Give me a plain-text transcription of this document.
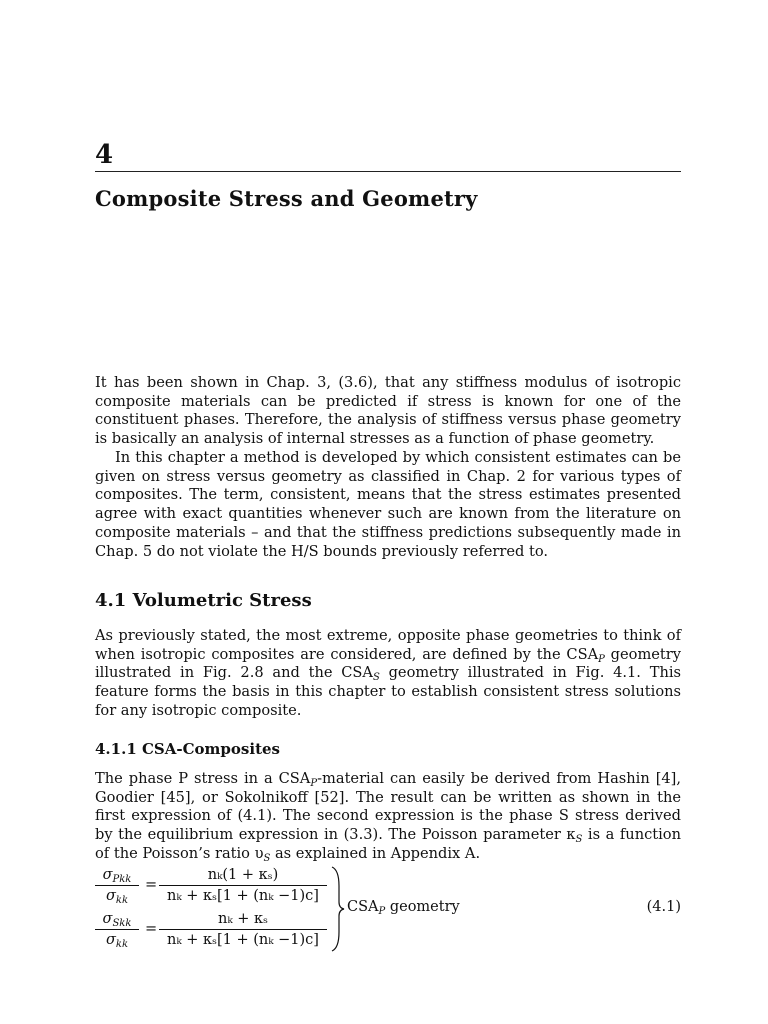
4
Composite Stress and Geometry

It has been shown in Chap. 3, (3.6), that any stiffness modulus of isotropic composite materials can be predicted if stress is known for one of the constituent phases. Therefore, the analysis of stiffness versus phase geometry is basically an analysis of internal stresses as a function of phase geometry.

In this chapter a method is developed by which consistent estimates can be given on stress versus geometry as classified in Chap. 2 for various types of composites. The term, consistent, means that the stress estimates presented agree with exact quantities whenever such are known from the literature on composite materials – and that the stiffness predictions subsequently made in Chap. 5 do not violate the H/S bounds previously referred to.

4.1 Volumetric Stress

As previously stated, the most extreme, opposite phase geometries to think of when isotropic composites are considered, are defined by the $CSA_P$ geometry illustrated in Fig. 2.8 and the $CSA_S$ geometry illustrated in Fig. 4.1. This feature forms the basis in this chapter to establish consistent stress solutions for any isotropic composite.

4.1.1 CSA-Composites

The phase P stress in a $CSA_P$-material can easily be derived from Hashin [4], Goodier [45], or Sokolnikoff [52]. The result can be written as shown in the first expression of (4.1). The second expression is the phase S stress derived by the equilibrium expression in (3.3). The Poisson parameter $\kappa_S$ is a function of the Poisson’s ratio $\upsilon_S$ as explained in Appendix A.

$\sigma_{Pkk}$
$\sigma_{kk}$
=
nₖ(1 + κₛ)
nₖ + κₛ[1 + (nₖ −1)c]
$\sigma_{Skk}$
$\sigma_{kk}$
=
nₖ + κₛ
nₖ + κₛ[1 + (nₖ −1)c]
$CSA_P$ geometry	(4.1)
